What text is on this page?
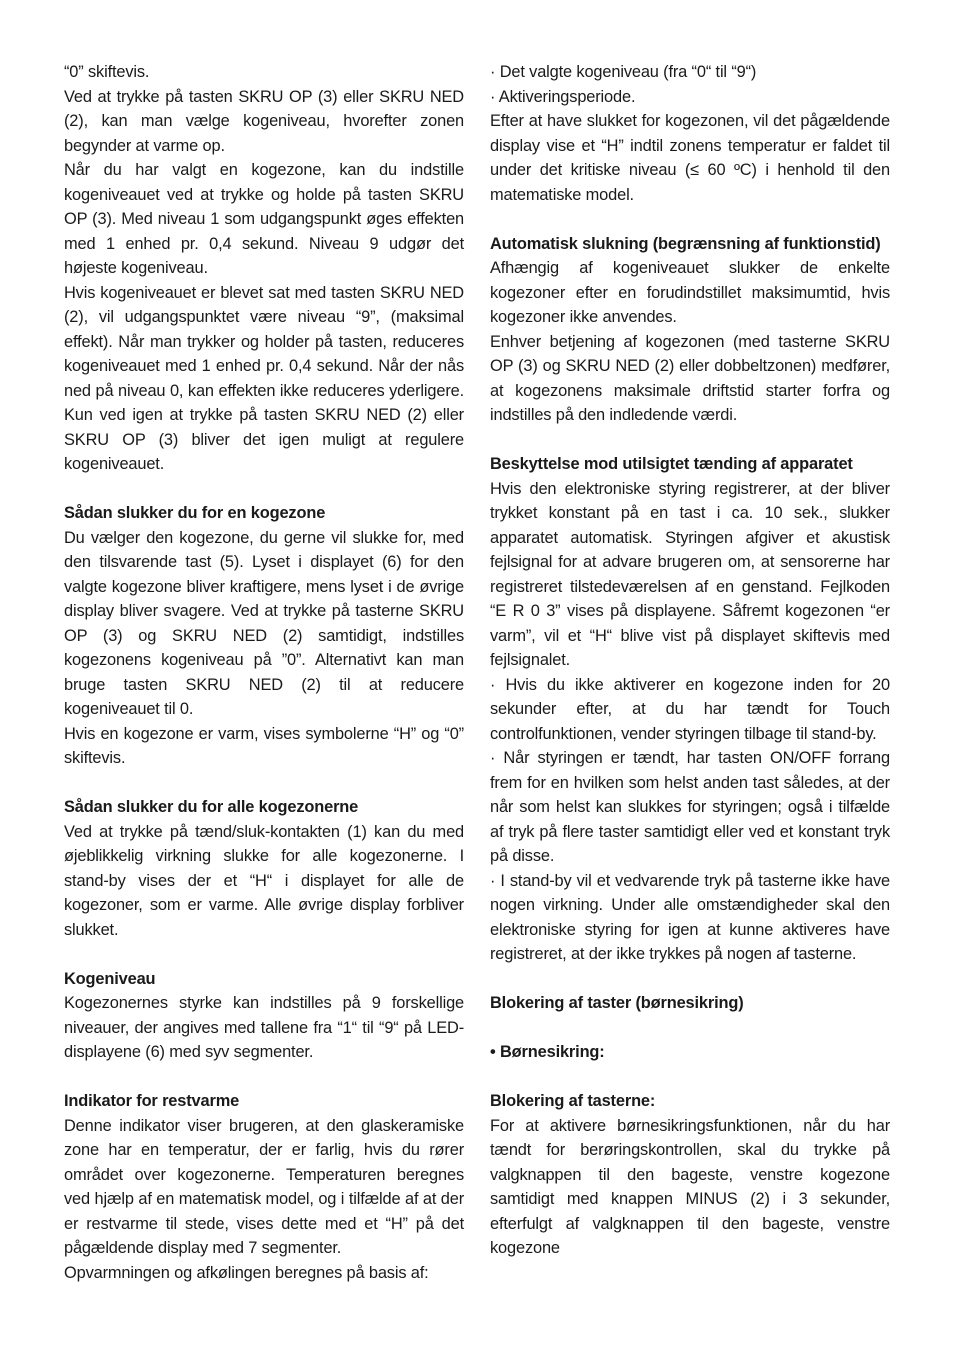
“0” skiftevis.
Ved at trykke på tasten SKRU OP (3) eller SKRU NED (2), kan man vælge kogeniveau, hvorefter zonen begynder at varme op.
Når du har valgt en kogezone, kan du indstille kogeniveauet ved at trykke og holde på tasten SKRU OP (3). Med niveau 1 som udgangspunkt øges effekten med 1 enhed pr. 0,4 sekund. Niveau 9 udgør det højeste kogeniveau.
Hvis kogeniveauet er blevet sat med tasten SKRU NED (2), vil udgangspunktet være niveau “9”, (maksimal effekt). Når man trykker og holder på tasten, reduceres kogeniveauet med 1 enhed pr. 0,4 sekund. Når der nås ned på niveau 0, kan effekten ikke reduceres yderligere. Kun ved igen at trykke på tasten SKRU NED (2) eller SKRU OP (3) bliver det igen muligt at regulere kogeniveauet.
Sådan slukker du for en kogezone
Du vælger den kogezone, du gerne vil slukke for, med den tilsvarende tast (5). Lyset i displayet (6) for den valgte kogezone bliver kraftigere, mens lyset i de øvrige display bliver svagere. Ved at trykke på tasterne SKRU OP (3) og SKRU NED (2) samtidigt, indstilles kogezonens kogeniveau på ”0”. Alternativt kan man bruge tasten SKRU NED (2) til at reducere kogeniveauet til 0.
Hvis en kogezone er varm, vises symbolerne “H” og “0” skiftevis.
Sådan slukker du for alle kogezonerne
Ved at trykke på tænd/sluk-kontakten (1) kan du med øjeblikkelig virkning slukke for alle kogezonerne. I stand-by vises der et “H“ i displayet for alle de kogezoner, som er varme. Alle øvrige display forbliver slukket.
Kogeniveau
Kogezonernes styrke kan indstilles på 9 forskellige niveauer, der angives med tallene fra “1“ til “9“ på LED-displayene (6) med syv segmenter.
Indikator for restvarme
Denne indikator viser brugeren, at den glaskeramiske zone har en temperatur, der er farlig, hvis du rører området over kogezonerne. Temperaturen beregnes ved hjælp af en matematisk model, og i tilfælde af at der er restvarme til stede, vises dette med et “H” på det pågældende display med 7 segmenter.
Opvarmningen og afkølingen beregnes på basis af:
· Det valgte kogeniveau (fra “0“ til “9“)
· Aktiveringsperiode.
Efter at have slukket for kogezonen, vil det pågældende display vise et “H” indtil zonens temperatur er faldet til under det kritiske niveau (≤ 60 ºC) i henhold til den matematiske model.
Automatisk slukning (begrænsning af funktionstid)
Afhængig af kogeniveauet slukker de enkelte kogezoner efter en forudindstillet maksimumtid, hvis kogezoner ikke anvendes.
Enhver betjening af kogezonen (med tasterne SKRU OP (3) og SKRU NED (2) eller dobbeltzonen) medfører, at kogezonens maksimale driftstid starter forfra og indstilles på den indledende værdi.
Beskyttelse mod utilsigtet tænding af apparatet
Hvis den elektroniske styring registrerer, at der bliver trykket konstant på en tast i ca. 10 sek., slukker apparatet automatisk. Styringen afgiver et akustisk fejlsignal for at advare brugeren om, at sensorerne har registreret tilstedeværelsen af en genstand. Fejlkoden “E R 0 3” vises på displayene. Såfremt kogezonen “er varm”, vil et “H“ blive vist på displayet skiftevis med fejlsignalet.
· Hvis du ikke aktiverer en kogezone inden for 20 sekunder efter, at du har tændt for Touch controlfunktionen, vender styringen tilbage til stand-by.
· Når styringen er tændt, har tasten ON/OFF forrang frem for en hvilken som helst anden tast således, at der når som helst kan slukkes for styringen; også i tilfælde af tryk på flere taster samtidigt eller ved et konstant tryk på disse.
· I stand-by vil et vedvarende tryk på tasterne ikke have nogen virkning. Under alle omstændigheder skal den elektroniske styring for igen at kunne aktiveres have registreret, at der ikke trykkes på nogen af tasterne.
Blokering af taster (børnesikring)
• Børnesikring:
Blokering af tasterne:
For at aktivere børnesikringsfunktionen, når du har tændt for berøringskontrollen, skal du trykke på valgknappen til den bageste, venstre kogezone samtidigt med knappen MINUS (2) i 3 sekunder, efterfulgt af valgknappen til den bageste, venstre kogezone
